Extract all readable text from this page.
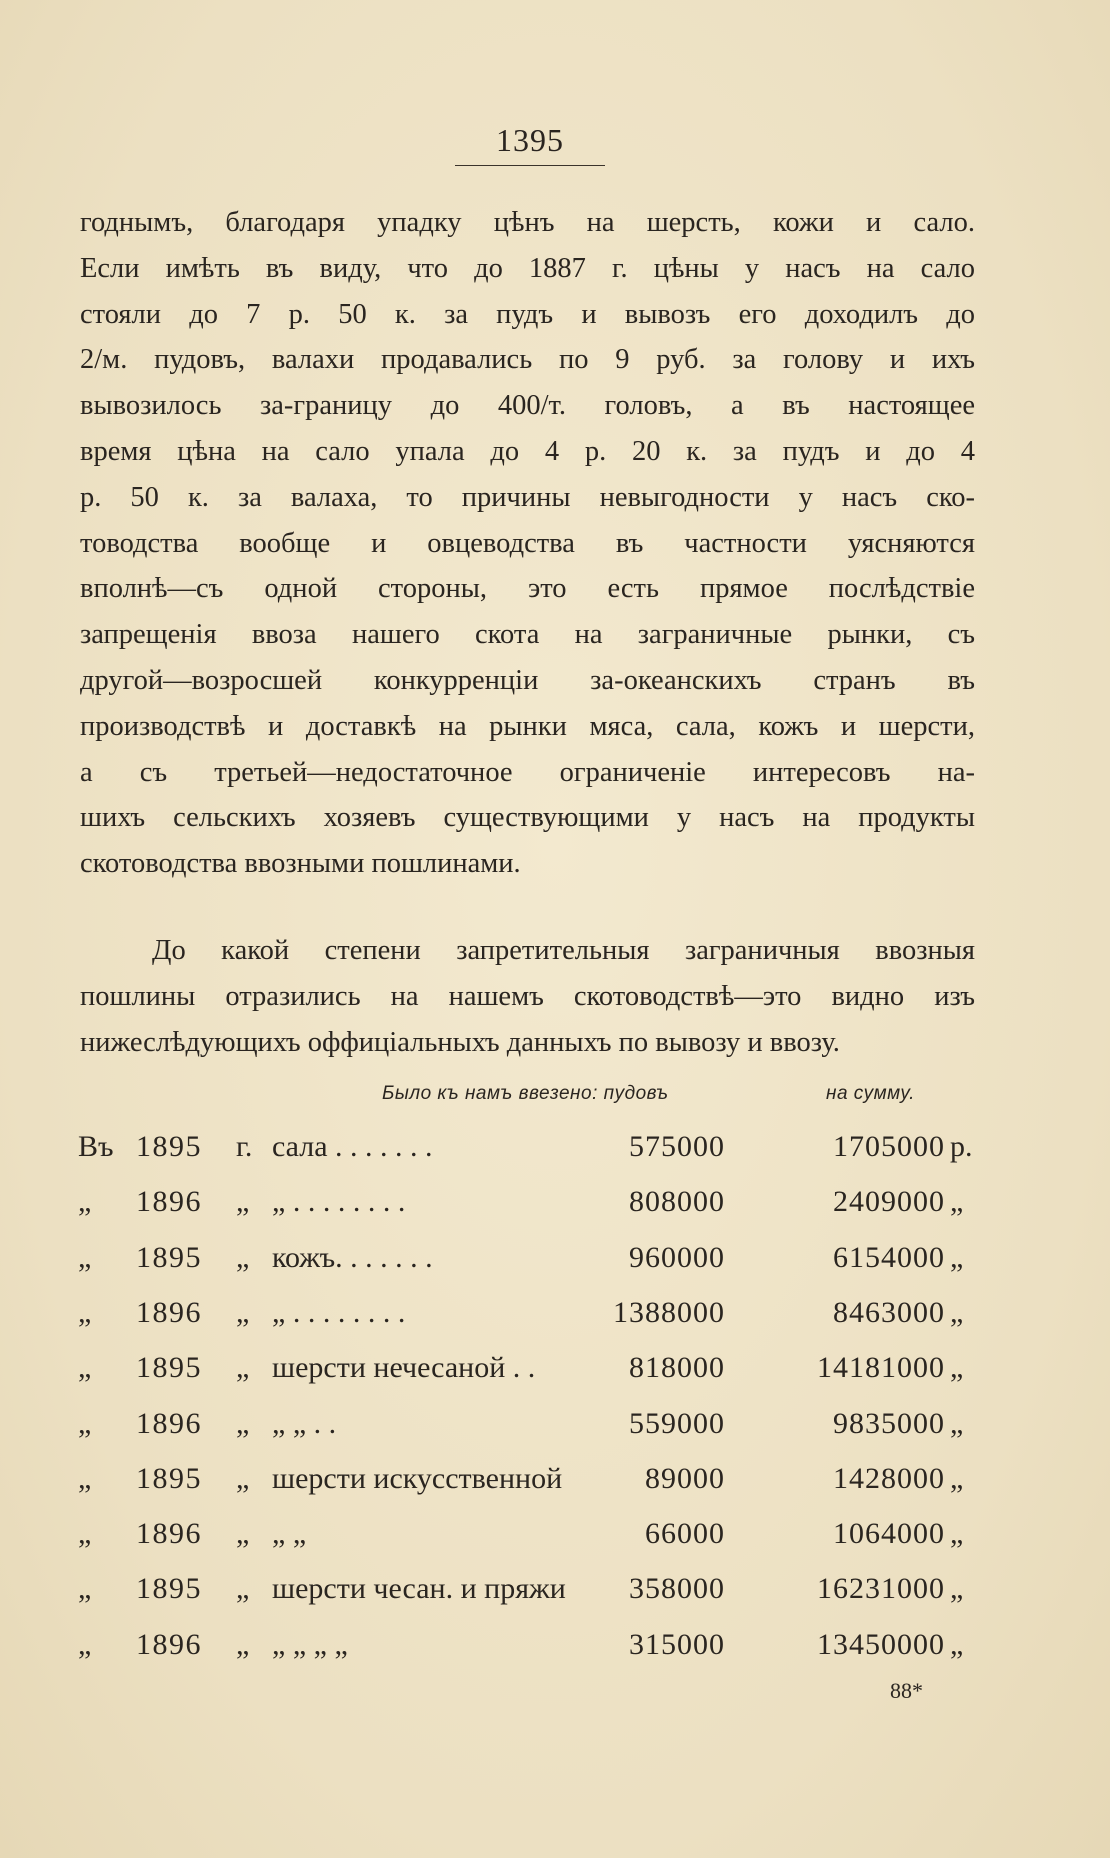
1395
годнымъ, благодаря упадку цѣнъ на шерсть, кожи и сало.
Если имѣть въ виду, что до 1887 г. цѣны у насъ на сало
стояли до 7 р. 50 к. за пудъ и вывозъ его доходилъ до
2/м. пудовъ, валахи продавались по 9 руб. за голову и ихъ
вывозилось за-границу до 400/т. головъ, а въ настоящее
время цѣна на сало упала до 4 р. 20 к. за пудъ и до 4
р. 50 к. за валаха, то причины невыгодности у насъ ско-
товодства вообще и овцеводства въ частности уясняются
вполнѣ—съ одной стороны, это есть прямое послѣдствіе
запрещенія ввоза нашего скота на заграничные рынки, съ
другой—возросшей конкурренціи за-океанскихъ странъ въ
производствѣ и доставкѣ на рынки мяса, сала, кожъ и шерсти,
а съ третьей—недостаточное ограниченіе интересовъ на-
шихъ сельскихъ хозяевъ существующими у насъ на продукты
скотоводства ввозными пошлинами.
До какой степени запретительныя заграничныя ввозныя
пошлины отразились на нашемъ скотоводствѣ—это видно изъ
нижеслѣдующихъ оффиціальныхъ данныхъ по вывозу и ввозу.
Было къ намъ ввезено: пудовъ	на сумму.
Въ 1895 г. сала . . . . . . .	575000	1705000 р.
„	1896 „ „ . . . . . . . .	808000	2409000 „
„	1895 „ кожъ. . . . . . .	960000	6154000 „
„	1896 „ „ . . . . . . . .	1388000	8463000 „
„	1895 „ шерсти нечесаной . .	818000	14181000 „
„	1896 „ „ „ . .	559000	9835000 „
„	1895 „ шерсти искусственной	89000	1428000 „
„	1896 „ „ „	66000	1064000 „
„	1895 „ шерсти чесан. и пряжи 358000	16231000 „
„	1896 „ „ „ „ „	315000	13450000 „
88*
